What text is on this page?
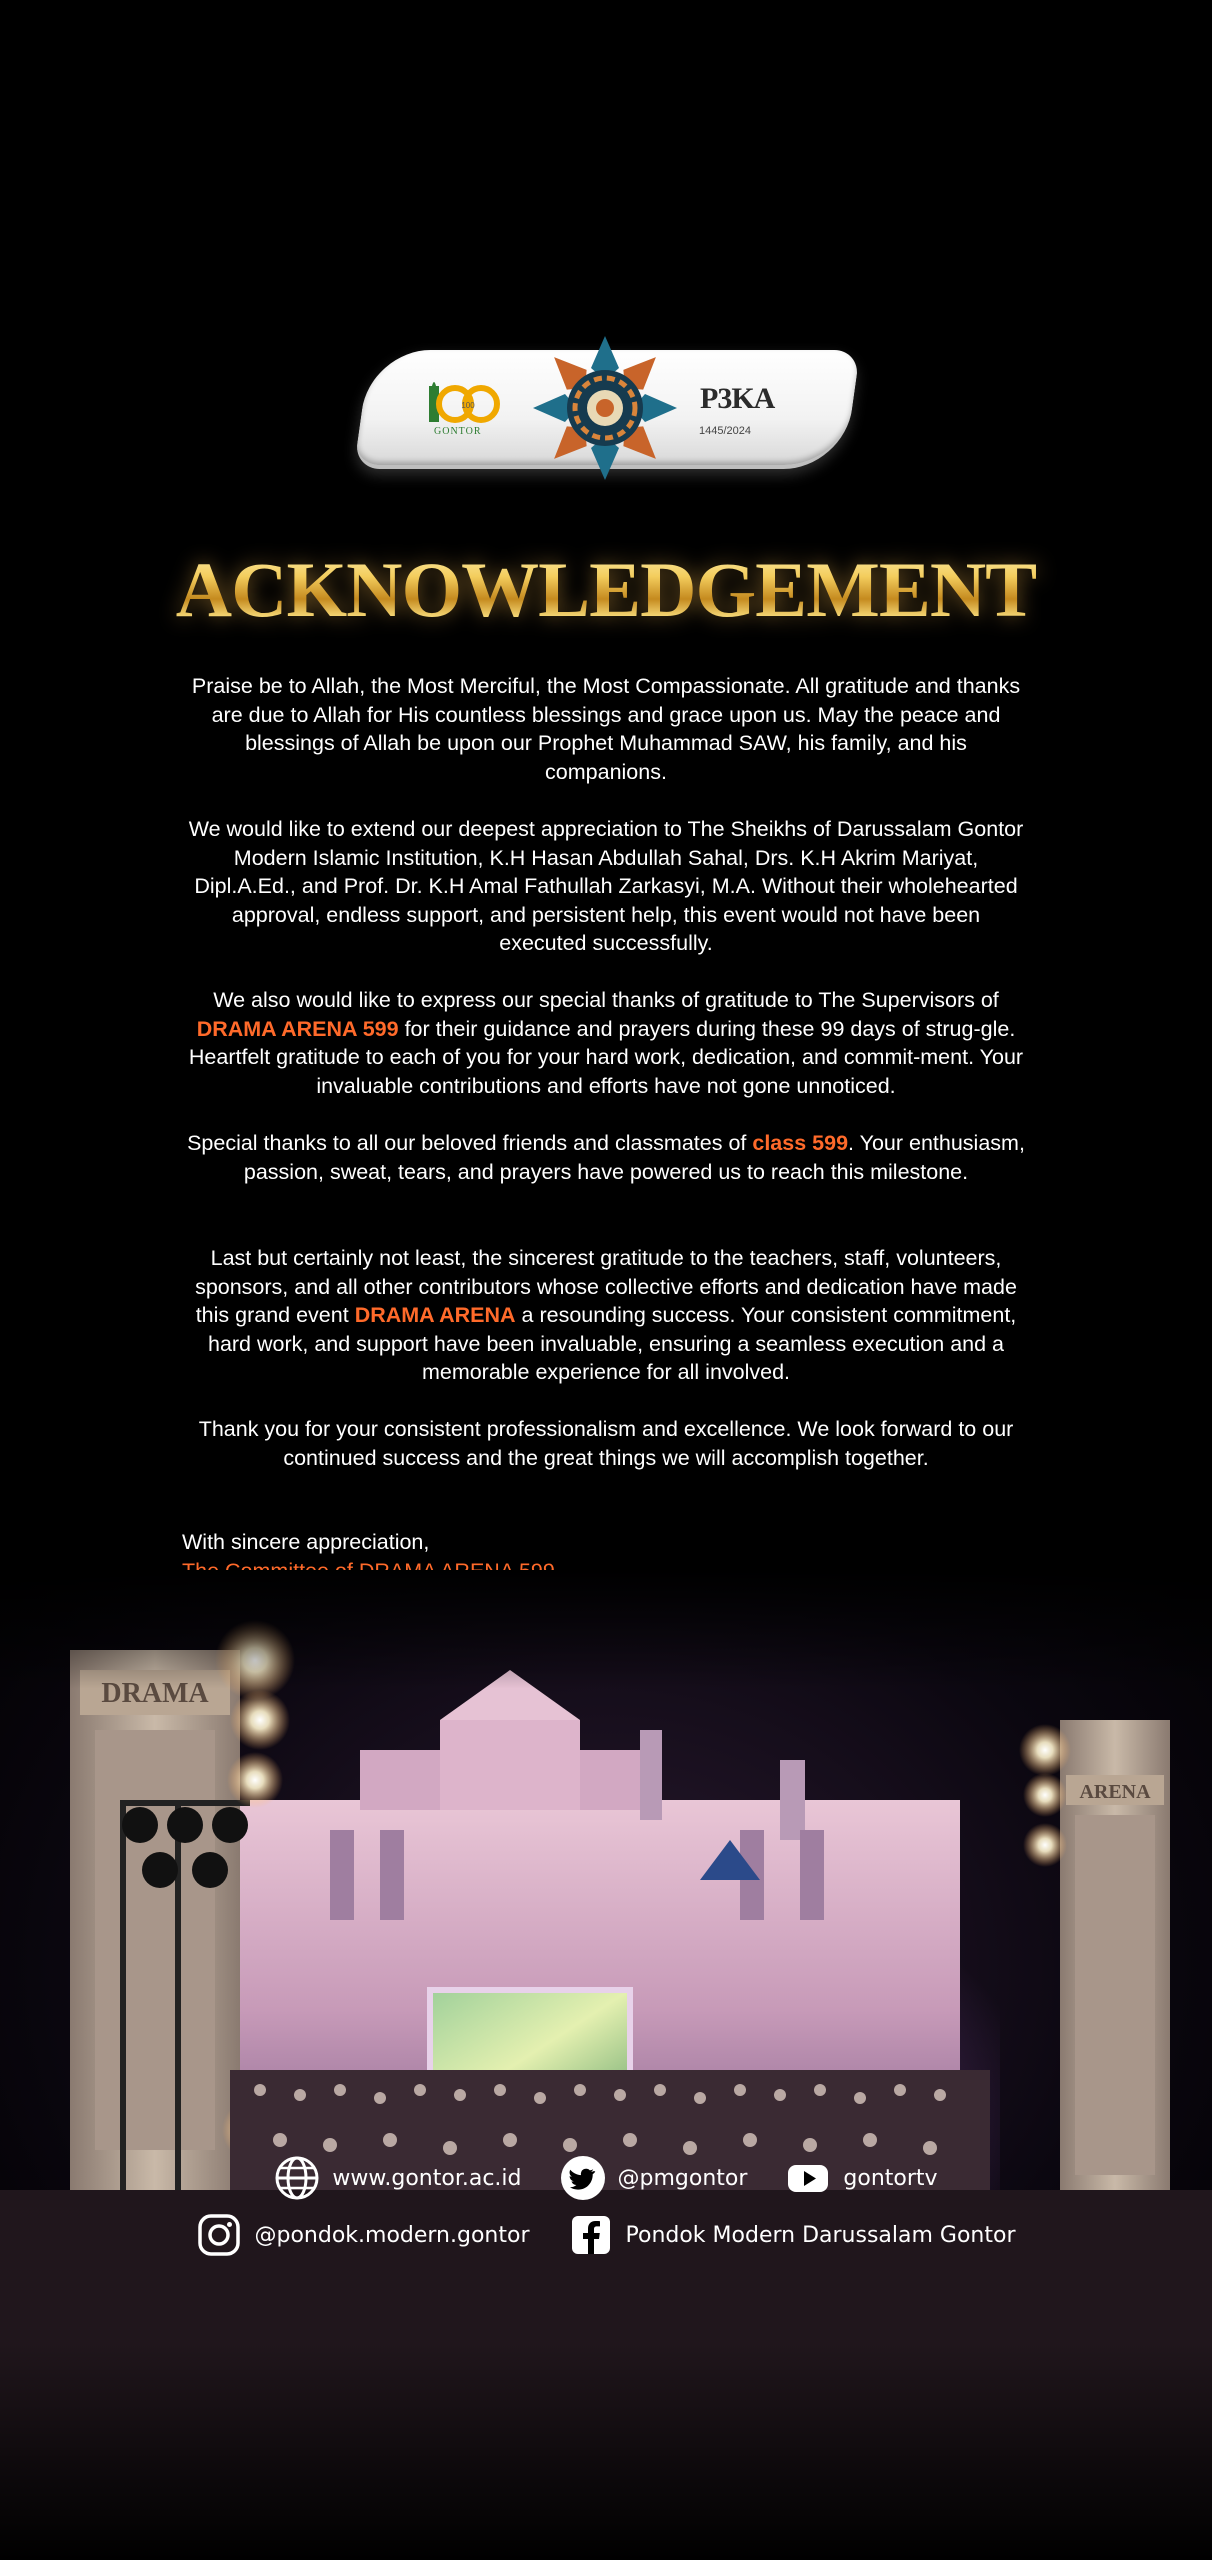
100
GONTOR
P3KA
1445/2024
ACKNOWLEDGEMENT
Praise be to Allah, the Most Merciful, the Most Compassionate. All gratitude and thanks are due to Allah for His countless blessings and grace upon us. May the peace and blessings of Allah be upon our Prophet Muhammad SAW, his family, and his companions.
We would like to extend our deepest appreciation to The Sheikhs of Darussalam Gontor Modern Islamic Institution, K.H Hasan Abdullah Sahal, Drs. K.H Akrim Mariyat, Dipl.A.Ed., and Prof. Dr. K.H Amal Fathullah Zarkasyi, M.A. Without their wholehearted approval, endless support, and persistent help, this event would not have been executed successfully.
We also would like to express our special thanks of gratitude to The Supervisors of DRAMA ARENA 599 for their guidance and prayers during these 99 days of strug-gle. Heartfelt gratitude to each of you for your hard work, dedication, and commit-ment. Your invaluable contributions and efforts have not gone unnoticed.
Special thanks to all our beloved friends and classmates of class 599. Your enthusiasm, passion, sweat, tears, and prayers have powered us to reach this milestone.
Last but certainly not least, the sincerest gratitude to the teachers, staff, volunteers, sponsors, and all other contributors whose collective efforts and dedication have made this grand event DRAMA ARENA a resounding success. Your consistent commitment, hard work, and support have been invaluable, ensuring a seamless execution and a memorable experience for all involved.
Thank you for your consistent professionalism and excellence. We look forward to our continued success and the great things we will accomplish together.
With sincere appreciation,
www.gontor.ac.id	@pmgontor	gontortv
@pondok.modern.gontor	Pondok Modern Darussalam Gontor
